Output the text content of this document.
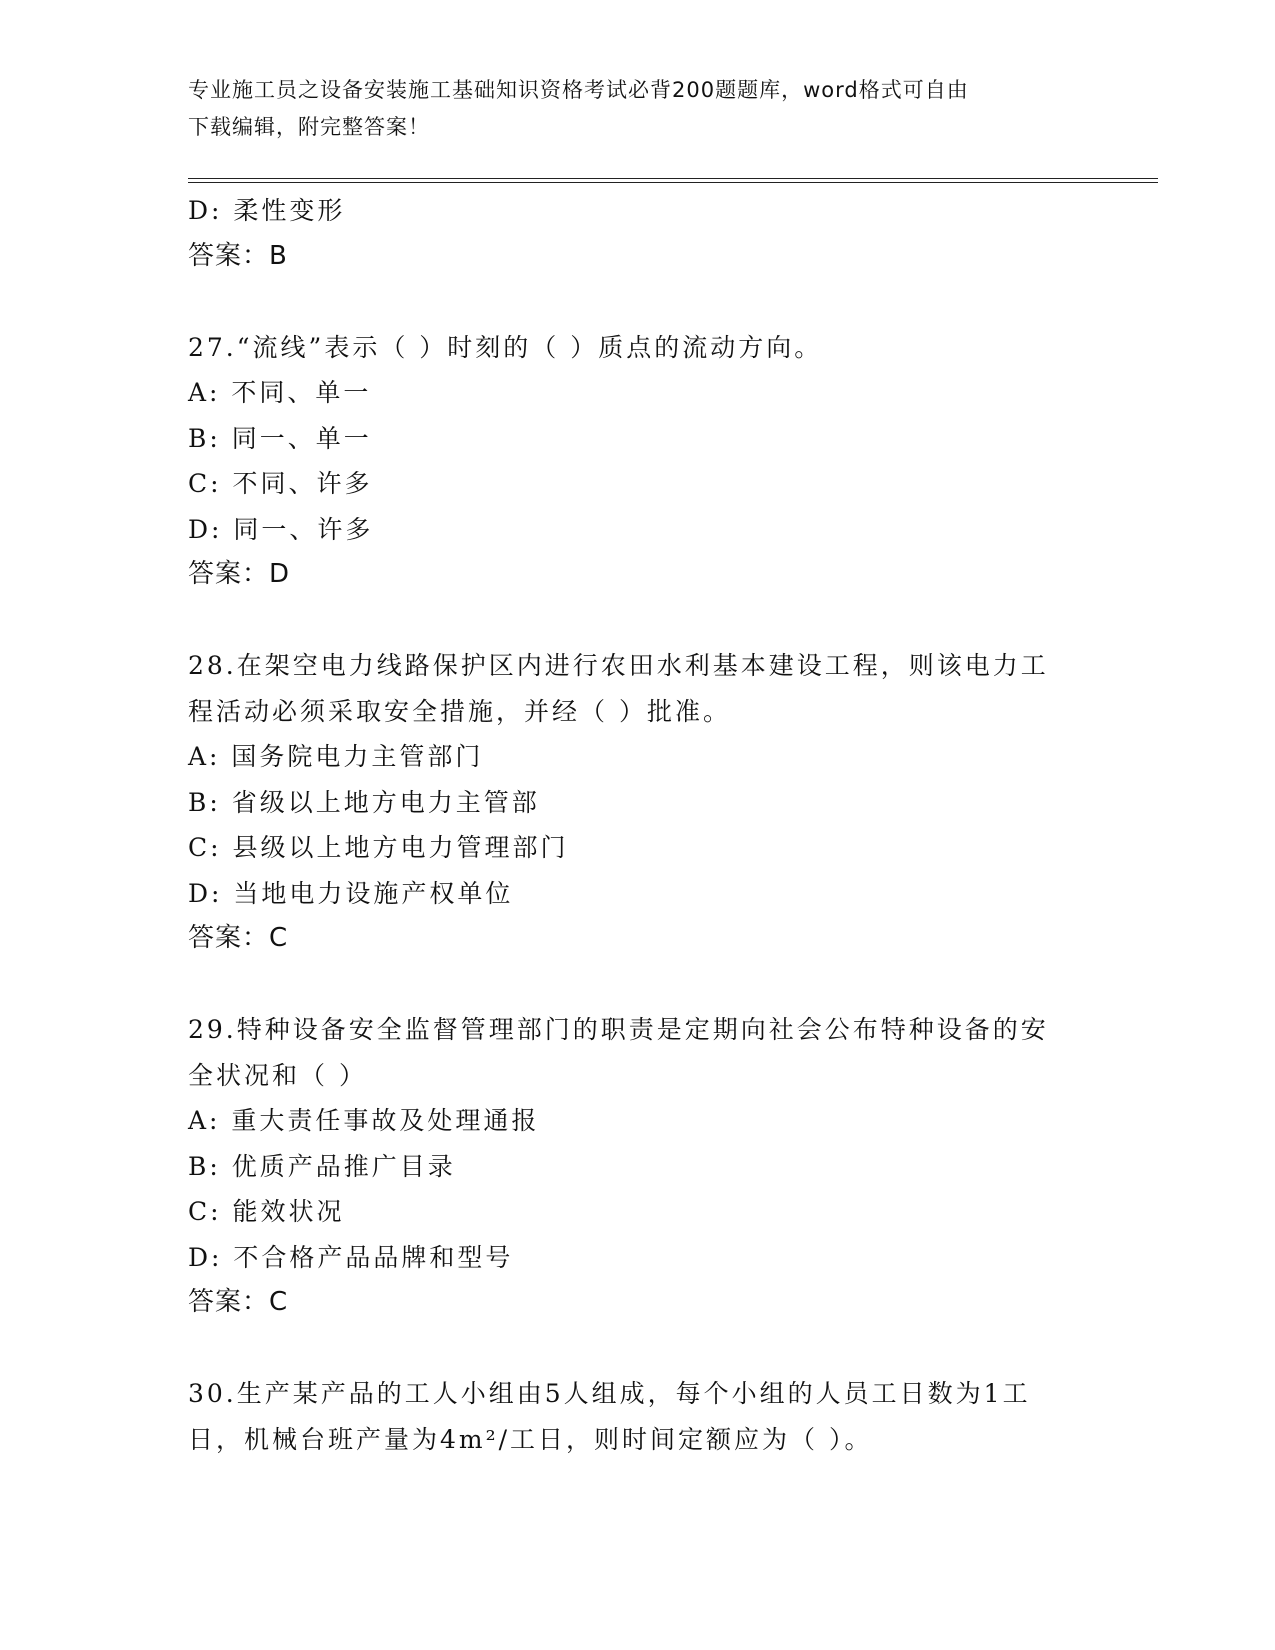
专业施工员之设备安装施工基础知识资格考试必背200题题库，word格式可自由
下载编辑，附完整答案！
D: 柔性变形
答案：B
27.“流线”表示（ ）时刻的（ ）质点的流动方向。
A: 不同、单一
B: 同一、单一
C: 不同、许多
D: 同一、许多
答案：D
28.在架空电力线路保护区内进行农田水利基本建设工程，则该电力工
程活动必须采取安全措施，并经（ ）批准。
A: 国务院电力主管部门
B: 省级以上地方电力主管部
C: 县级以上地方电力管理部门
D: 当地电力设施产权单位
答案：C
29.特种设备安全监督管理部门的职责是定期向社会公布特种设备的安
全状况和（ ）
A: 重大责任事故及处理通报
B: 优质产品推广目录
C: 能效状况
D: 不合格产品品牌和型号
答案：C
30.生产某产品的工人小组由5人组成，每个小组的人员工日数为1工
日，机械台班产量为4m²/工日，则时间定额应为（ ）。
